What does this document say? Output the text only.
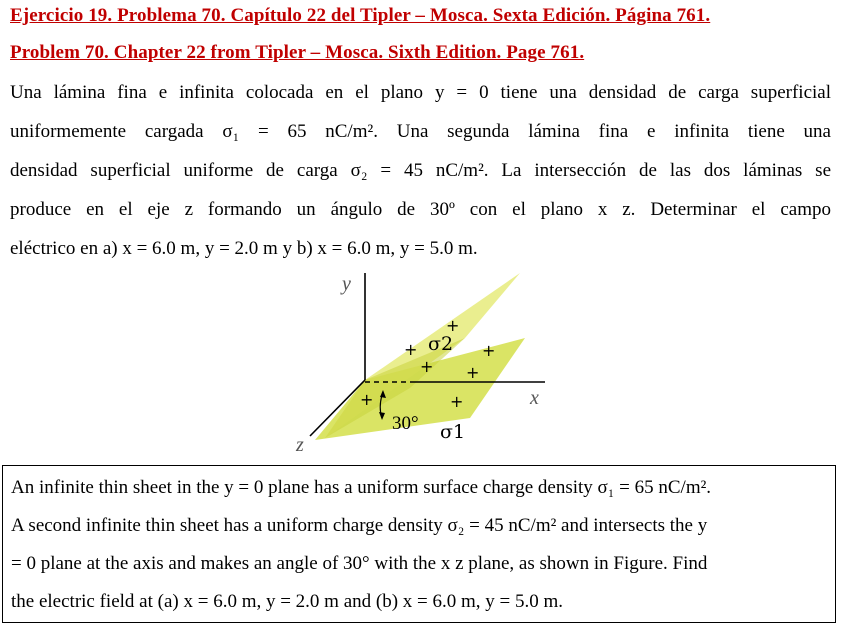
Ejercicio 19. Problema 70. Capítulo 22 del Tipler – Mosca. Sexta Edición. Página 761.
Problem 70. Chapter 22 from Tipler – Mosca. Sixth Edition. Page 761.
Una lámina fina e infinita colocada en el plano y = 0 tiene una densidad de carga superficial
uniformemente cargada σ₁ = 65 nC/m². Una segunda lámina fina e infinita tiene una
densidad superficial uniforme de carga σ₂ = 45 nC/m². La intersección de las dos láminas se
produce en el eje z formando un ángulo de 30º con el plano x z. Determinar el campo
eléctrico en a) x = 6.0 m, y = 2.0 m y b) x = 6.0 m, y = 5.0 m.
y
x
z
σ2
σ1
30°
+
+	+
+ +
+	+
An infinite thin sheet in the y = 0 plane has a uniform surface charge density σ₁ = 65 nC/m².
A second infinite thin sheet has a uniform charge density σ₂ = 45 nC/m² and intersects the y
= 0 plane at the axis and makes an angle of 30° with the x z plane, as shown in Figure. Find
the electric field at (a) x = 6.0 m, y = 2.0 m and (b) x = 6.0 m, y = 5.0 m.
